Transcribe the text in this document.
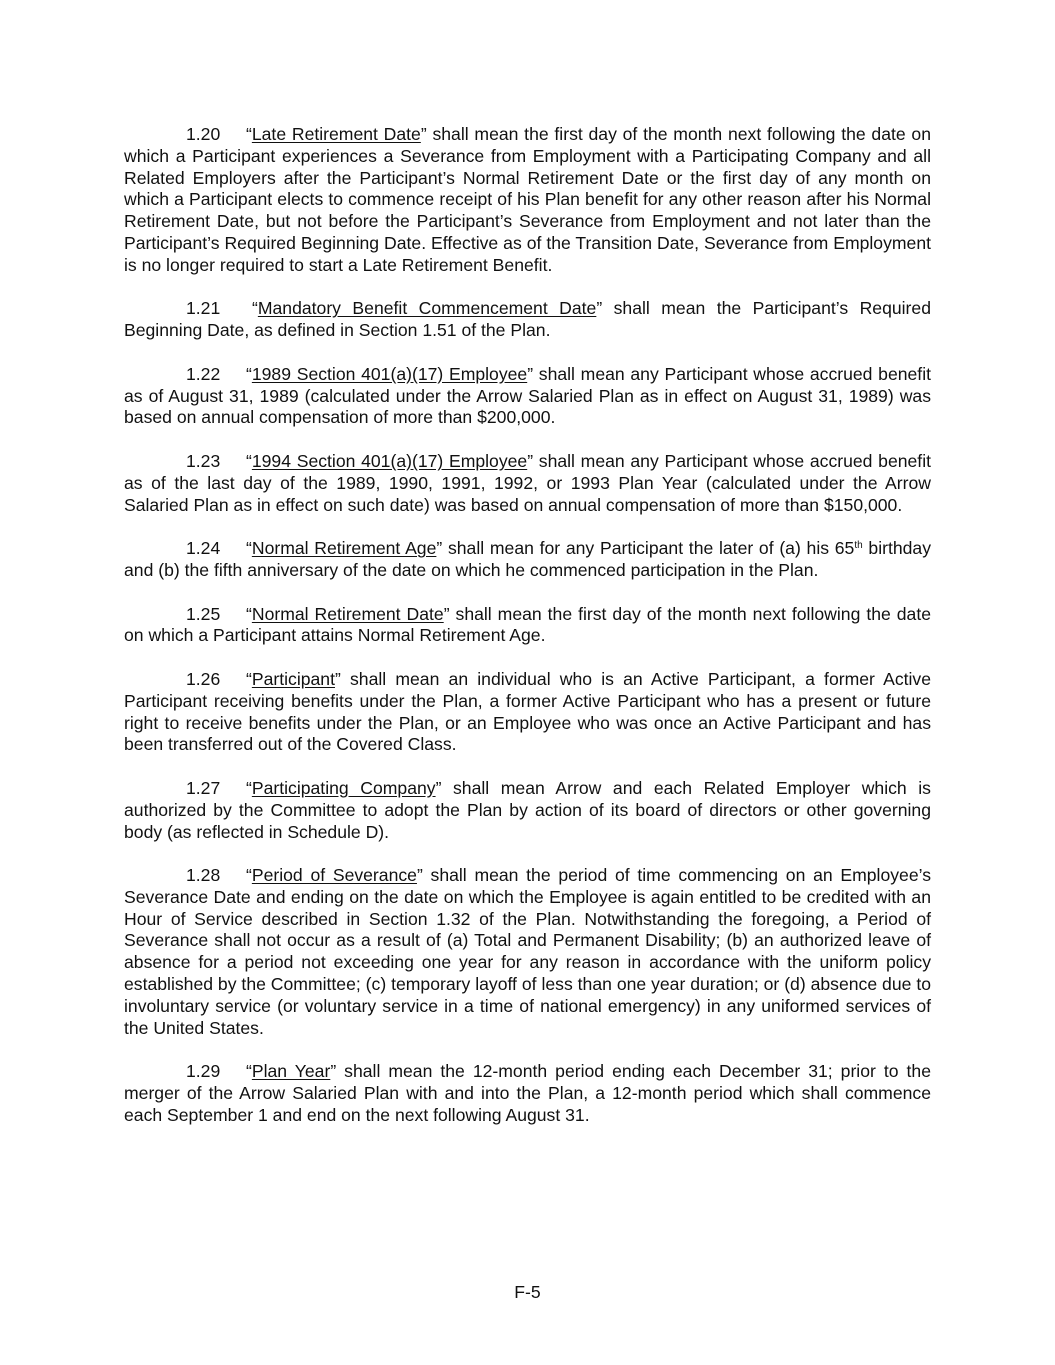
1.20 “Late Retirement Date” shall mean the first day of the month next following the date on which a Participant experiences a Severance from Employment with a Participating Company and all Related Employers after the Participant’s Normal Retirement Date or the first day of any month on which a Participant elects to commence receipt of his Plan benefit for any other reason after his Normal Retirement Date, but not before the Participant’s Severance from Employment and not later than the Participant’s Required Beginning Date. Effective as of the Transition Date, Severance from Employment is no longer required to start a Late Retirement Benefit.

1.21 “Mandatory Benefit Commencement Date” shall mean the Participant’s Required Beginning Date, as defined in Section 1.51 of the Plan.

1.22 “1989 Section 401(a)(17) Employee” shall mean any Participant whose accrued benefit as of August 31, 1989 (calculated under the Arrow Salaried Plan as in effect on August 31, 1989) was based on annual compensation of more than $200,000.

1.23 “1994 Section 401(a)(17) Employee” shall mean any Participant whose accrued benefit as of the last day of the 1989, 1990, 1991, 1992, or 1993 Plan Year (calculated under the Arrow Salaried Plan as in effect on such date) was based on annual compensation of more than $150,000.

1.24 “Normal Retirement Age” shall mean for any Participant the later of (a) his 65th birthday and (b) the fifth anniversary of the date on which he commenced participation in the Plan.

1.25 “Normal Retirement Date” shall mean the first day of the month next following the date on which a Participant attains Normal Retirement Age.

1.26 “Participant” shall mean an individual who is an Active Participant, a former Active Participant receiving benefits under the Plan, a former Active Participant who has a present or future right to receive benefits under the Plan, or an Employee who was once an Active Participant and has been transferred out of the Covered Class.

1.27 “Participating Company” shall mean Arrow and each Related Employer which is authorized by the Committee to adopt the Plan by action of its board of directors or other governing body (as reflected in Schedule D).

1.28 “Period of Severance” shall mean the period of time commencing on an Employee’s Severance Date and ending on the date on which the Employee is again entitled to be credited with an Hour of Service described in Section 1.32 of the Plan. Notwithstanding the foregoing, a Period of Severance shall not occur as a result of (a) Total and Permanent Disability; (b) an authorized leave of absence for a period not exceeding one year for any reason in accordance with the uniform policy established by the Committee; (c) temporary layoff of less than one year duration; or (d) absence due to involuntary service (or voluntary service in a time of national emergency) in any uniformed services of the United States.

1.29 “Plan Year” shall mean the 12-month period ending each December 31; prior to the merger of the Arrow Salaried Plan with and into the Plan, a 12-month period which shall commence each September 1 and end on the next following August 31.

F-5
